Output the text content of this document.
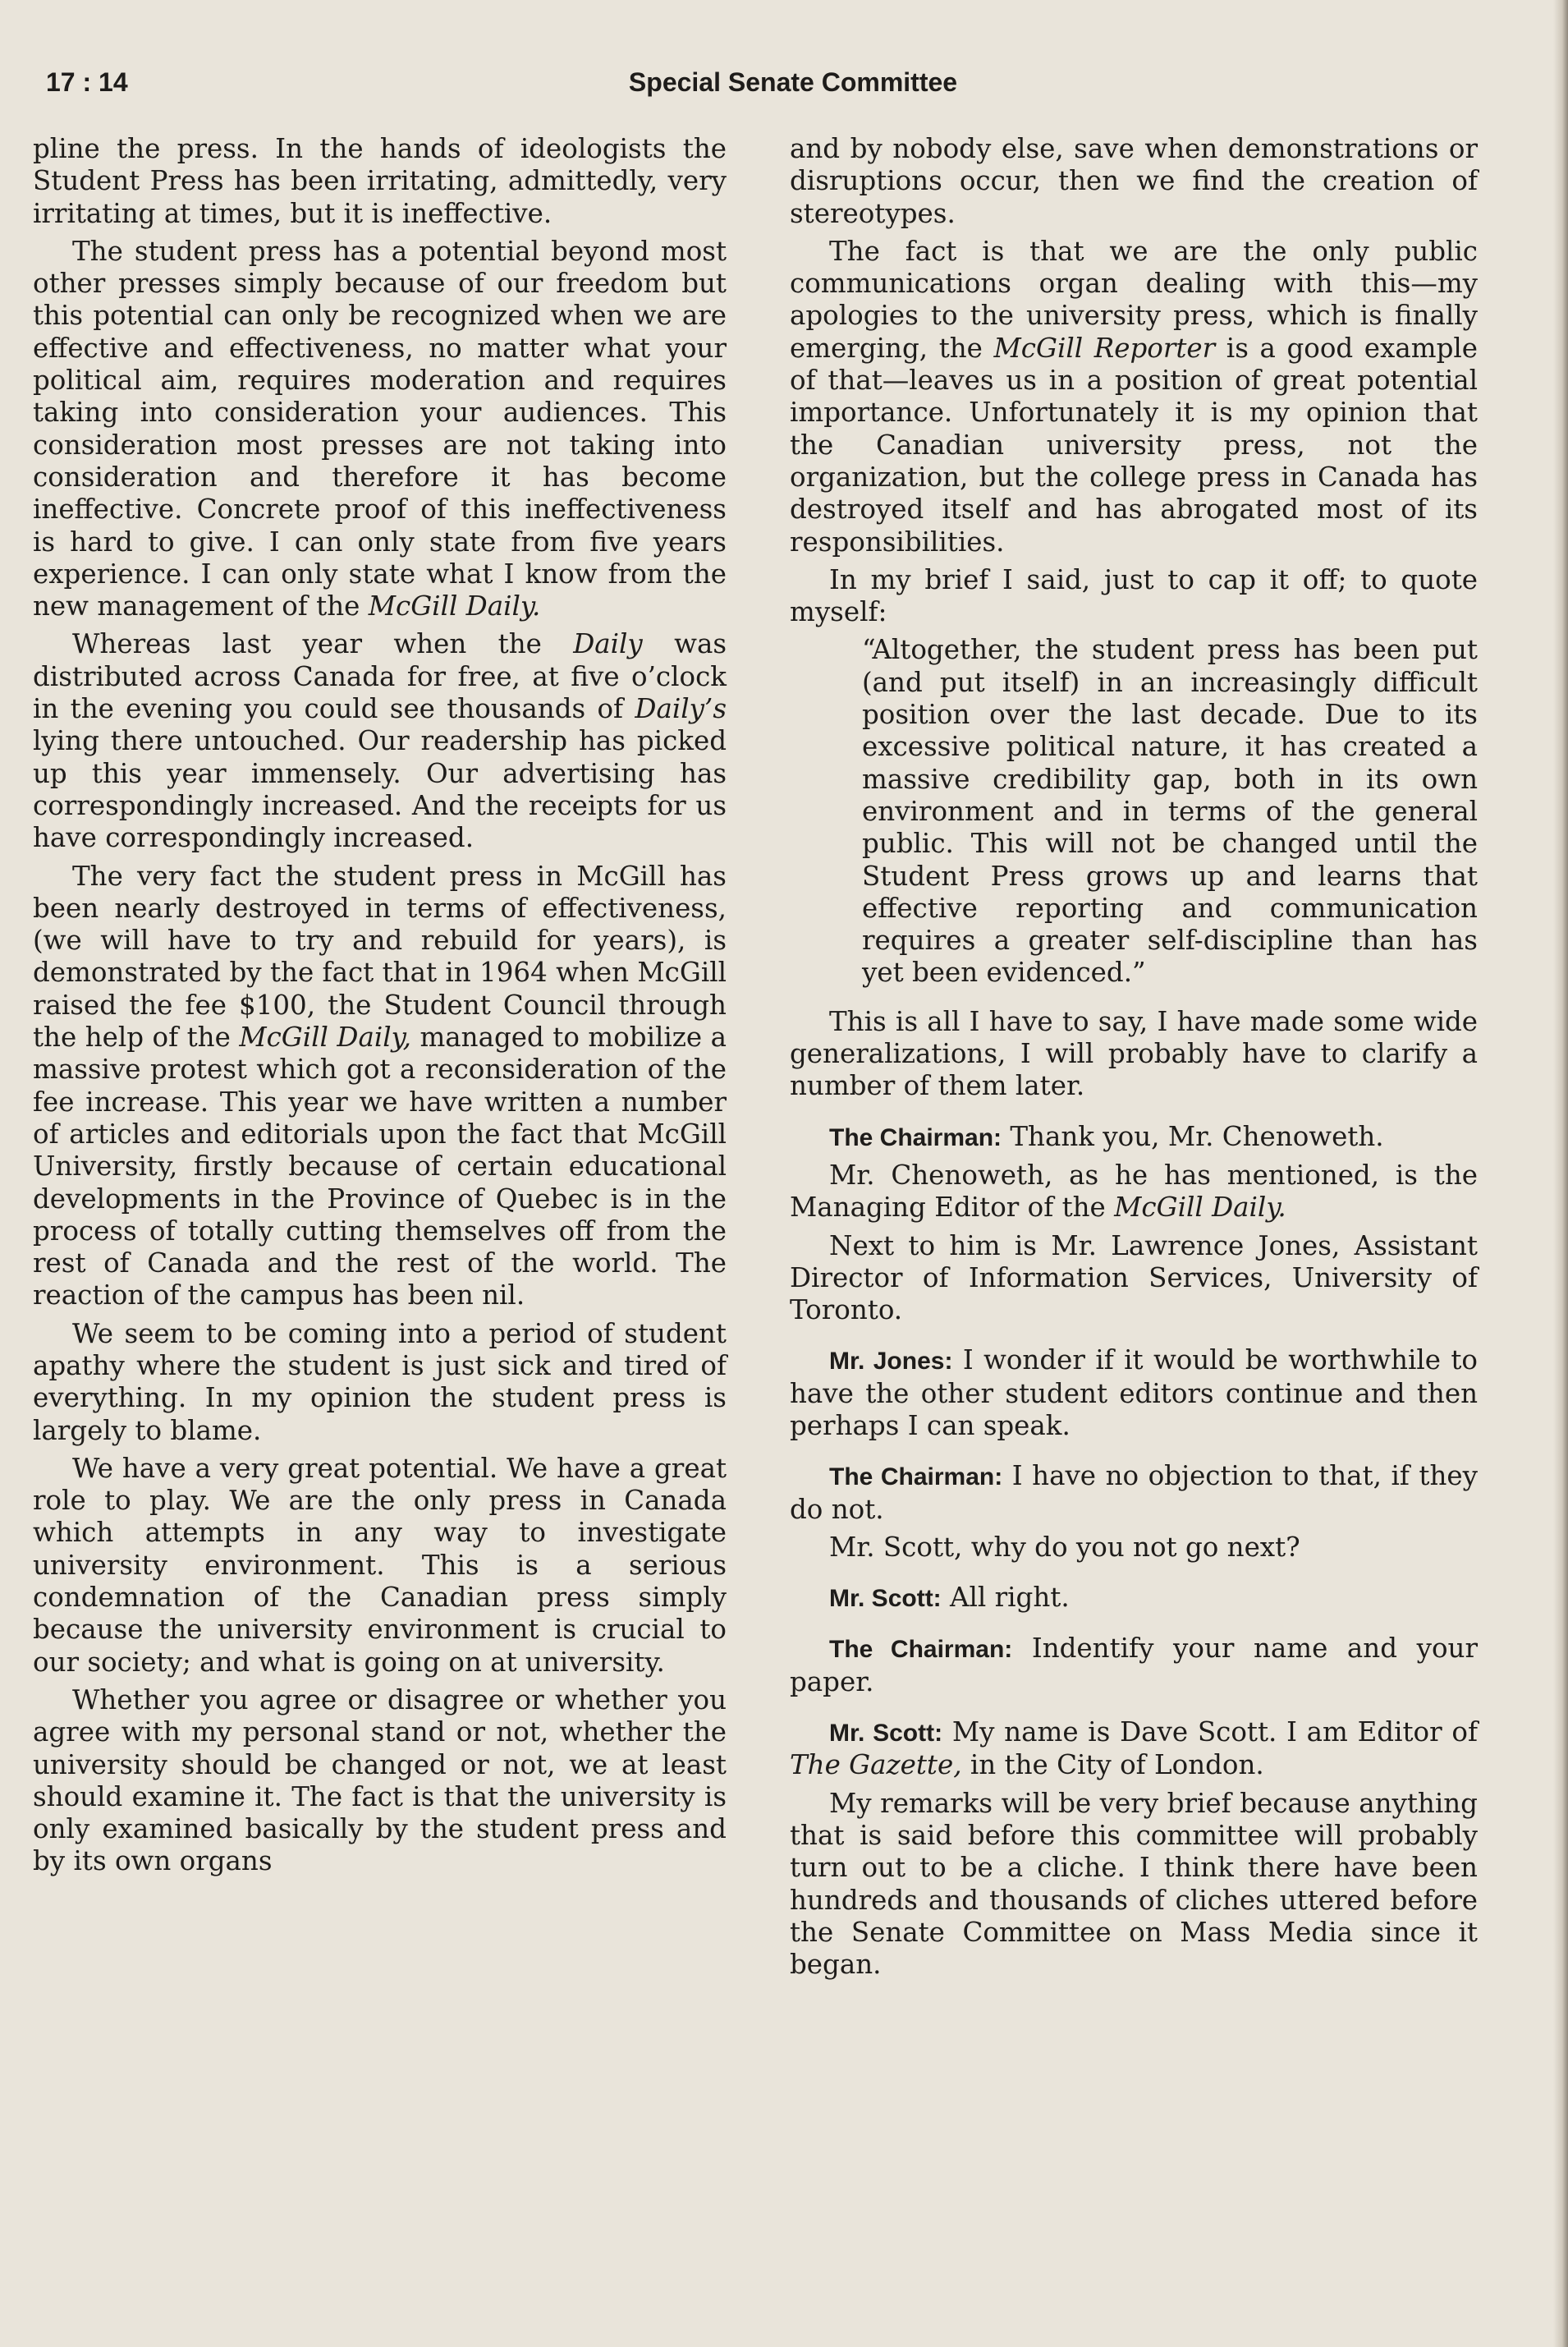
17 : 14	Special Senate Committee

pline the press. In the hands of ideologists the Student Press has been irritating, admittedly, very irritating at times, but it is ineffective.

The student press has a potential beyond most other presses simply because of our freedom but this potential can only be recognized when we are effective and effectiveness, no matter what your political aim, requires moderation and requires taking into consideration your audiences. This consideration most presses are not taking into consideration and therefore it has become ineffective. Concrete proof of this ineffectiveness is hard to give. I can only state from five years experience. I can only state what I know from the new management of the McGill Daily.

Whereas last year when the Daily was distributed across Canada for free, at five o’clock in the evening you could see thousands of Daily’s lying there untouched. Our readership has picked up this year immensely. Our advertising has correspondingly increased. And the receipts for us have correspondingly increased.

The very fact the student press in McGill has been nearly destroyed in terms of effectiveness, (we will have to try and rebuild for years), is demonstrated by the fact that in 1964 when McGill raised the fee $100, the Student Council through the help of the McGill Daily, managed to mobilize a massive protest which got a reconsideration of the fee increase. This year we have written a number of articles and editorials upon the fact that McGill University, firstly because of certain educational developments in the Province of Quebec is in the process of totally cutting themselves off from the rest of Canada and the rest of the world. The reaction of the campus has been nil.

We seem to be coming into a period of student apathy where the student is just sick and tired of everything. In my opinion the student press is largely to blame.

We have a very great potential. We have a great role to play. We are the only press in Canada which attempts in any way to investigate university environment. This is a serious condemnation of the Canadian press simply because the university environment is crucial to our society; and what is going on at university.

Whether you agree or disagree or whether you agree with my personal stand or not, whether the university should be changed or not, we at least should examine it. The fact is that the university is only examined basically by the student press and by its own organs

and by nobody else, save when demonstrations or disruptions occur, then we find the creation of stereotypes.

The fact is that we are the only public communications organ dealing with this—my apologies to the university press, which is finally emerging, the McGill Reporter is a good example of that—leaves us in a position of great potential importance. Unfortunately it is my opinion that the Canadian university press, not the organization, but the college press in Canada has destroyed itself and has abrogated most of its responsibilities.

In my brief I said, just to cap it off; to quote myself:

“Altogether, the student press has been put (and put itself) in an increasingly difficult position over the last decade. Due to its excessive political nature, it has created a massive credibility gap, both in its own environment and in terms of the general public. This will not be changed until the Student Press grows up and learns that effective reporting and communication requires a greater self-discipline than has yet been evidenced.”

This is all I have to say, I have made some wide generalizations, I will probably have to clarify a number of them later.

The Chairman: Thank you, Mr. Chenoweth.

Mr. Chenoweth, as he has mentioned, is the Managing Editor of the McGill Daily.

Next to him is Mr. Lawrence Jones, Assistant Director of Information Services, University of Toronto.

Mr. Jones: I wonder if it would be worthwhile to have the other student editors continue and then perhaps I can speak.

The Chairman: I have no objection to that, if they do not.

Mr. Scott, why do you not go next?

Mr. Scott: All right.

The Chairman: Indentify your name and your paper.

Mr. Scott: My name is Dave Scott. I am Editor of The Gazette, in the City of London.

My remarks will be very brief because anything that is said before this committee will probably turn out to be a cliche. I think there have been hundreds and thousands of cliches uttered before the Senate Committee on Mass Media since it began.
